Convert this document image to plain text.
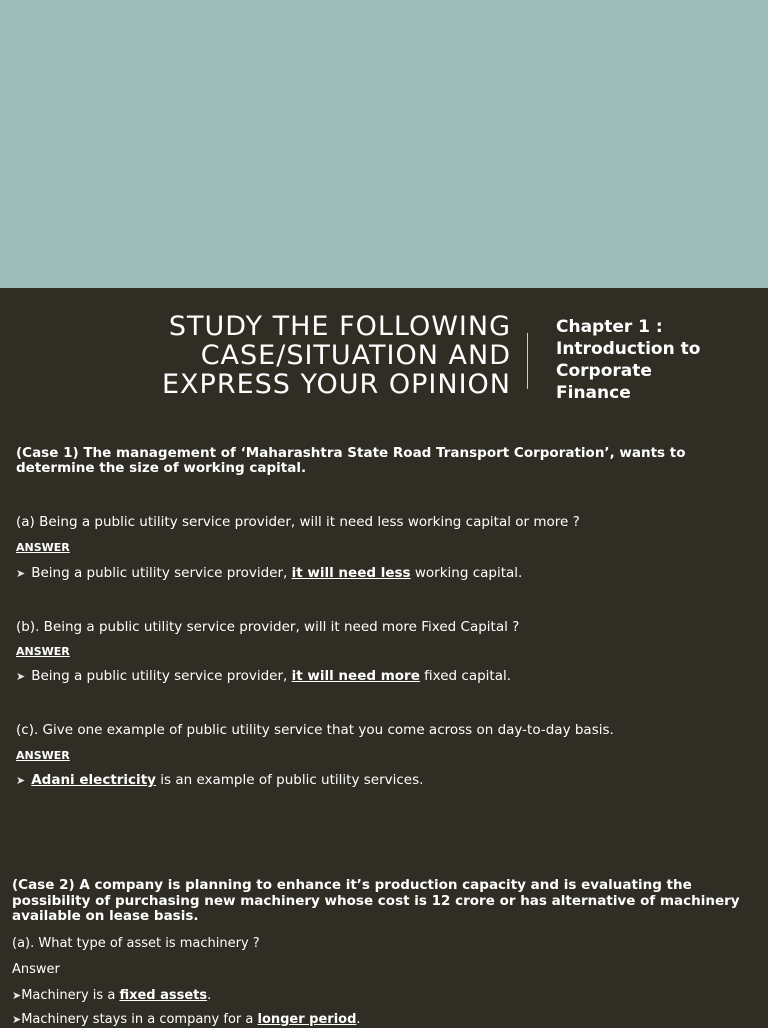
STUDY THE FOLLOWING
CASE/SITUATION AND
EXPRESS YOUR OPINION
Chapter 1 :
Introduction to
Corporate
Finance
(Case 1) The management of ‘Maharashtra State Road Transport Corporation’, wants to determine the size of working capital.
(a) Being a public utility service provider, will it need less working capital or more ?
ANSWER
➤ Being a public utility service provider, it will need less working capital.
(b). Being a public utility service provider, will it need more Fixed Capital ?
ANSWER
➤ Being a public utility service provider, it will need more fixed capital.
(c). Give one example of public utility service that you come across on day-to-day basis.
ANSWER
➤ Adani electricity is an example of public utility services.
(Case 2) A company is planning to enhance it’s production capacity and is evaluating the possibility of purchasing new machinery whose cost is 12 crore or has alternative of machinery available on lease basis.
(a). What type of asset is machinery ?
Answer
➤Machinery is a fixed assets.
➤Machinery stays in a company for a longer period.
